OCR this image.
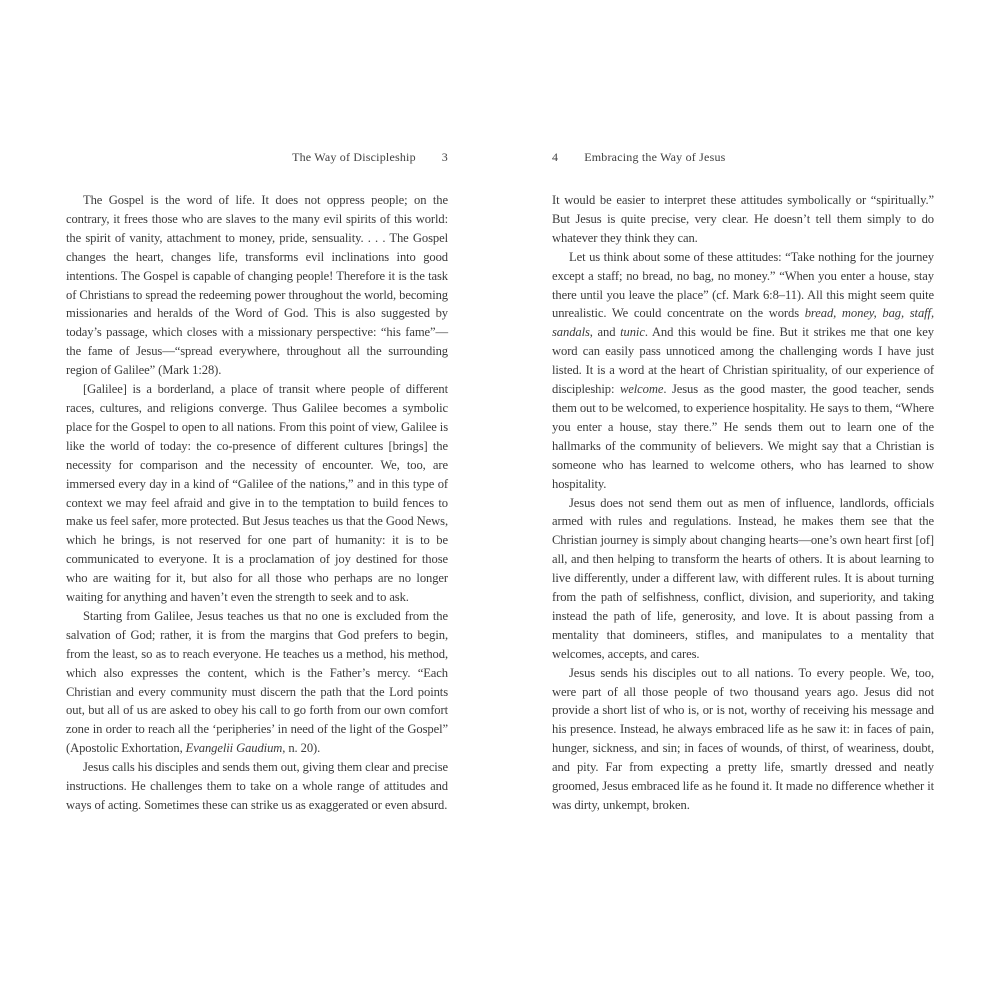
The Way of Discipleship 3

The Gospel is the word of life. It does not oppress people; on the contrary, it frees those who are slaves to the many evil spirits of this world: the spirit of vanity, attachment to money, pride, sensuality. . . . The Gospel changes the heart, changes life, transforms evil inclinations into good intentions. The Gospel is capable of changing people! Therefore it is the task of Christians to spread the redeeming power throughout the world, becoming missionaries and heralds of the Word of God. This is also suggested by today’s passage, which closes with a missionary perspective: “his fame”—the fame of Jesus—“spread everywhere, throughout all the surrounding region of Galilee” (Mark 1:28).

[Galilee] is a borderland, a place of transit where people of different races, cultures, and religions converge. Thus Galilee becomes a symbolic place for the Gospel to open to all nations. From this point of view, Galilee is like the world of today: the co-presence of different cultures [brings] the necessity for comparison and the necessity of encounter. We, too, are immersed every day in a kind of “Galilee of the nations,” and in this type of context we may feel afraid and give in to the temptation to build fences to make us feel safer, more protected. But Jesus teaches us that the Good News, which he brings, is not reserved for one part of humanity: it is to be communicated to everyone. It is a proclamation of joy destined for those who are waiting for it, but also for all those who perhaps are no longer waiting for anything and haven’t even the strength to seek and to ask.

Starting from Galilee, Jesus teaches us that no one is excluded from the salvation of God; rather, it is from the margins that God prefers to begin, from the least, so as to reach everyone. He teaches us a method, his method, which also expresses the content, which is the Father’s mercy. “Each Christian and every community must discern the path that the Lord points out, but all of us are asked to obey his call to go forth from our own comfort zone in order to reach all the ‘peripheries’ in need of the light of the Gospel” (Apostolic Exhortation, Evangelii Gaudium, n. 20).

Jesus calls his disciples and sends them out, giving them clear and precise instructions. He challenges them to take on a whole range of attitudes and ways of acting. Sometimes these can strike us as exaggerated or even absurd.

4 Embracing the Way of Jesus

It would be easier to interpret these attitudes symbolically or “spiritually.” But Jesus is quite precise, very clear. He doesn’t tell them simply to do whatever they think they can.

Let us think about some of these attitudes: “Take nothing for the journey except a staff; no bread, no bag, no money.” “When you enter a house, stay there until you leave the place” (cf. Mark 6:8–11). All this might seem quite unrealistic. We could concentrate on the words bread, money, bag, staff, sandals, and tunic. And this would be fine. But it strikes me that one key word can easily pass unnoticed among the challenging words I have just listed. It is a word at the heart of Christian spirituality, of our experience of discipleship: welcome. Jesus as the good master, the good teacher, sends them out to be welcomed, to experience hospitality. He says to them, “Where you enter a house, stay there.” He sends them out to learn one of the hallmarks of the community of believers. We might say that a Christian is someone who has learned to welcome others, who has learned to show hospitality.

Jesus does not send them out as men of influence, landlords, officials armed with rules and regulations. Instead, he makes them see that the Christian journey is simply about changing hearts—one’s own heart first [of] all, and then helping to transform the hearts of others. It is about learning to live differently, under a different law, with different rules. It is about turning from the path of selfishness, conflict, division, and superiority, and taking instead the path of life, generosity, and love. It is about passing from a mentality that domineers, stifles, and manipulates to a mentality that welcomes, accepts, and cares.

Jesus sends his disciples out to all nations. To every people. We, too, were part of all those people of two thousand years ago. Jesus did not provide a short list of who is, or is not, worthy of receiving his message and his presence. Instead, he always embraced life as he saw it: in faces of pain, hunger, sickness, and sin; in faces of wounds, of thirst, of weariness, doubt, and pity. Far from expecting a pretty life, smartly dressed and neatly groomed, Jesus embraced life as he found it. It made no difference whether it was dirty, unkempt, broken.
